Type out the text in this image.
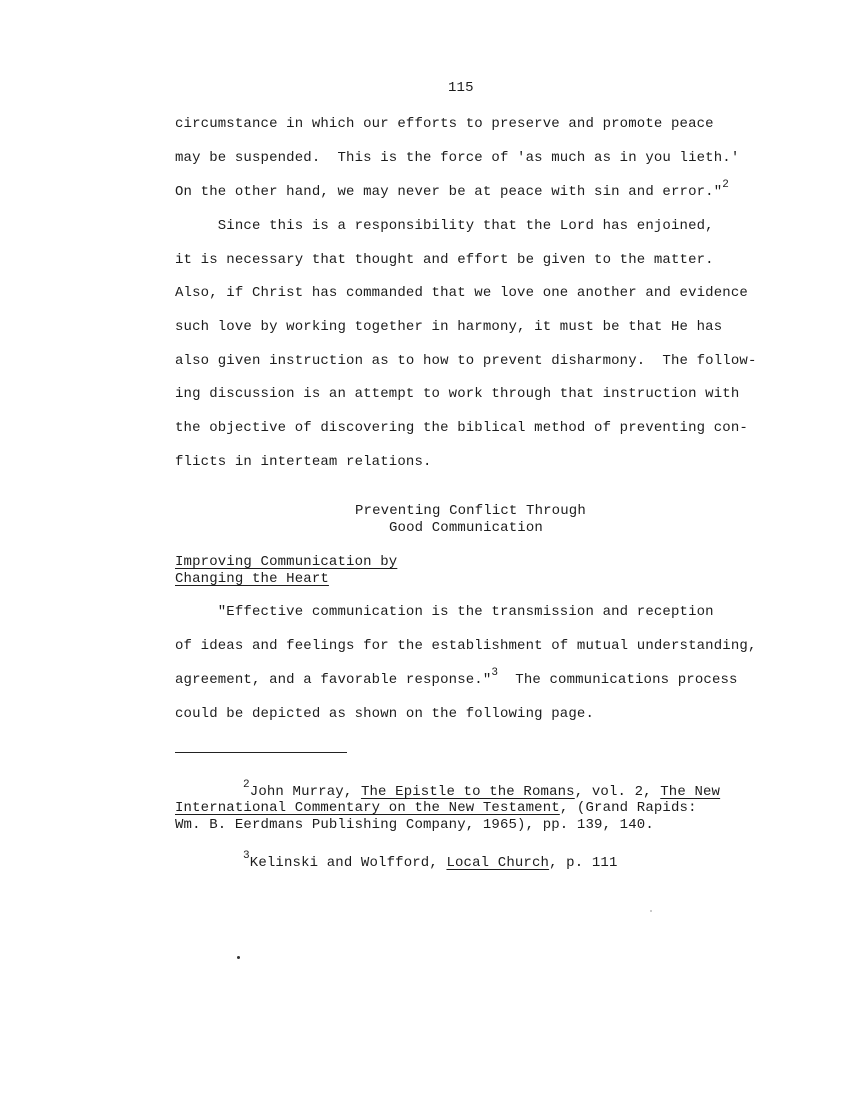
115
circumstance in which our efforts to preserve and promote peace
may be suspended.  This is the force of 'as much as in you lieth.'
On the other hand, we may never be at peace with sin and error."$^2$
Since this is a responsibility that the Lord has enjoined,
it is necessary that thought and effort be given to the matter.
Also, if Christ has commanded that we love one another and evidence
such love by working together in harmony, it must be that He has
also given instruction as to how to prevent disharmony.  The follow-
ing discussion is an attempt to work through that instruction with
the objective of discovering the biblical method of preventing con-
flicts in interteam relations.
Preventing Conflict Through
Good Communication
Improving Communication by
Changing the Heart
"Effective communication is the transmission and reception
of ideas and feelings for the establishment of mutual understanding,
agreement, and a favorable response."$^3$  The communications process
could be depicted as shown on the following page.
$^2$John Murray, The Epistle to the Romans, vol. 2, The New
International Commentary on the New Testament, (Grand Rapids:
Wm. B. Eerdmans Publishing Company, 1965), pp. 139, 140.
$^3$Kelinski and Wolfford, Local Church, p. 111
